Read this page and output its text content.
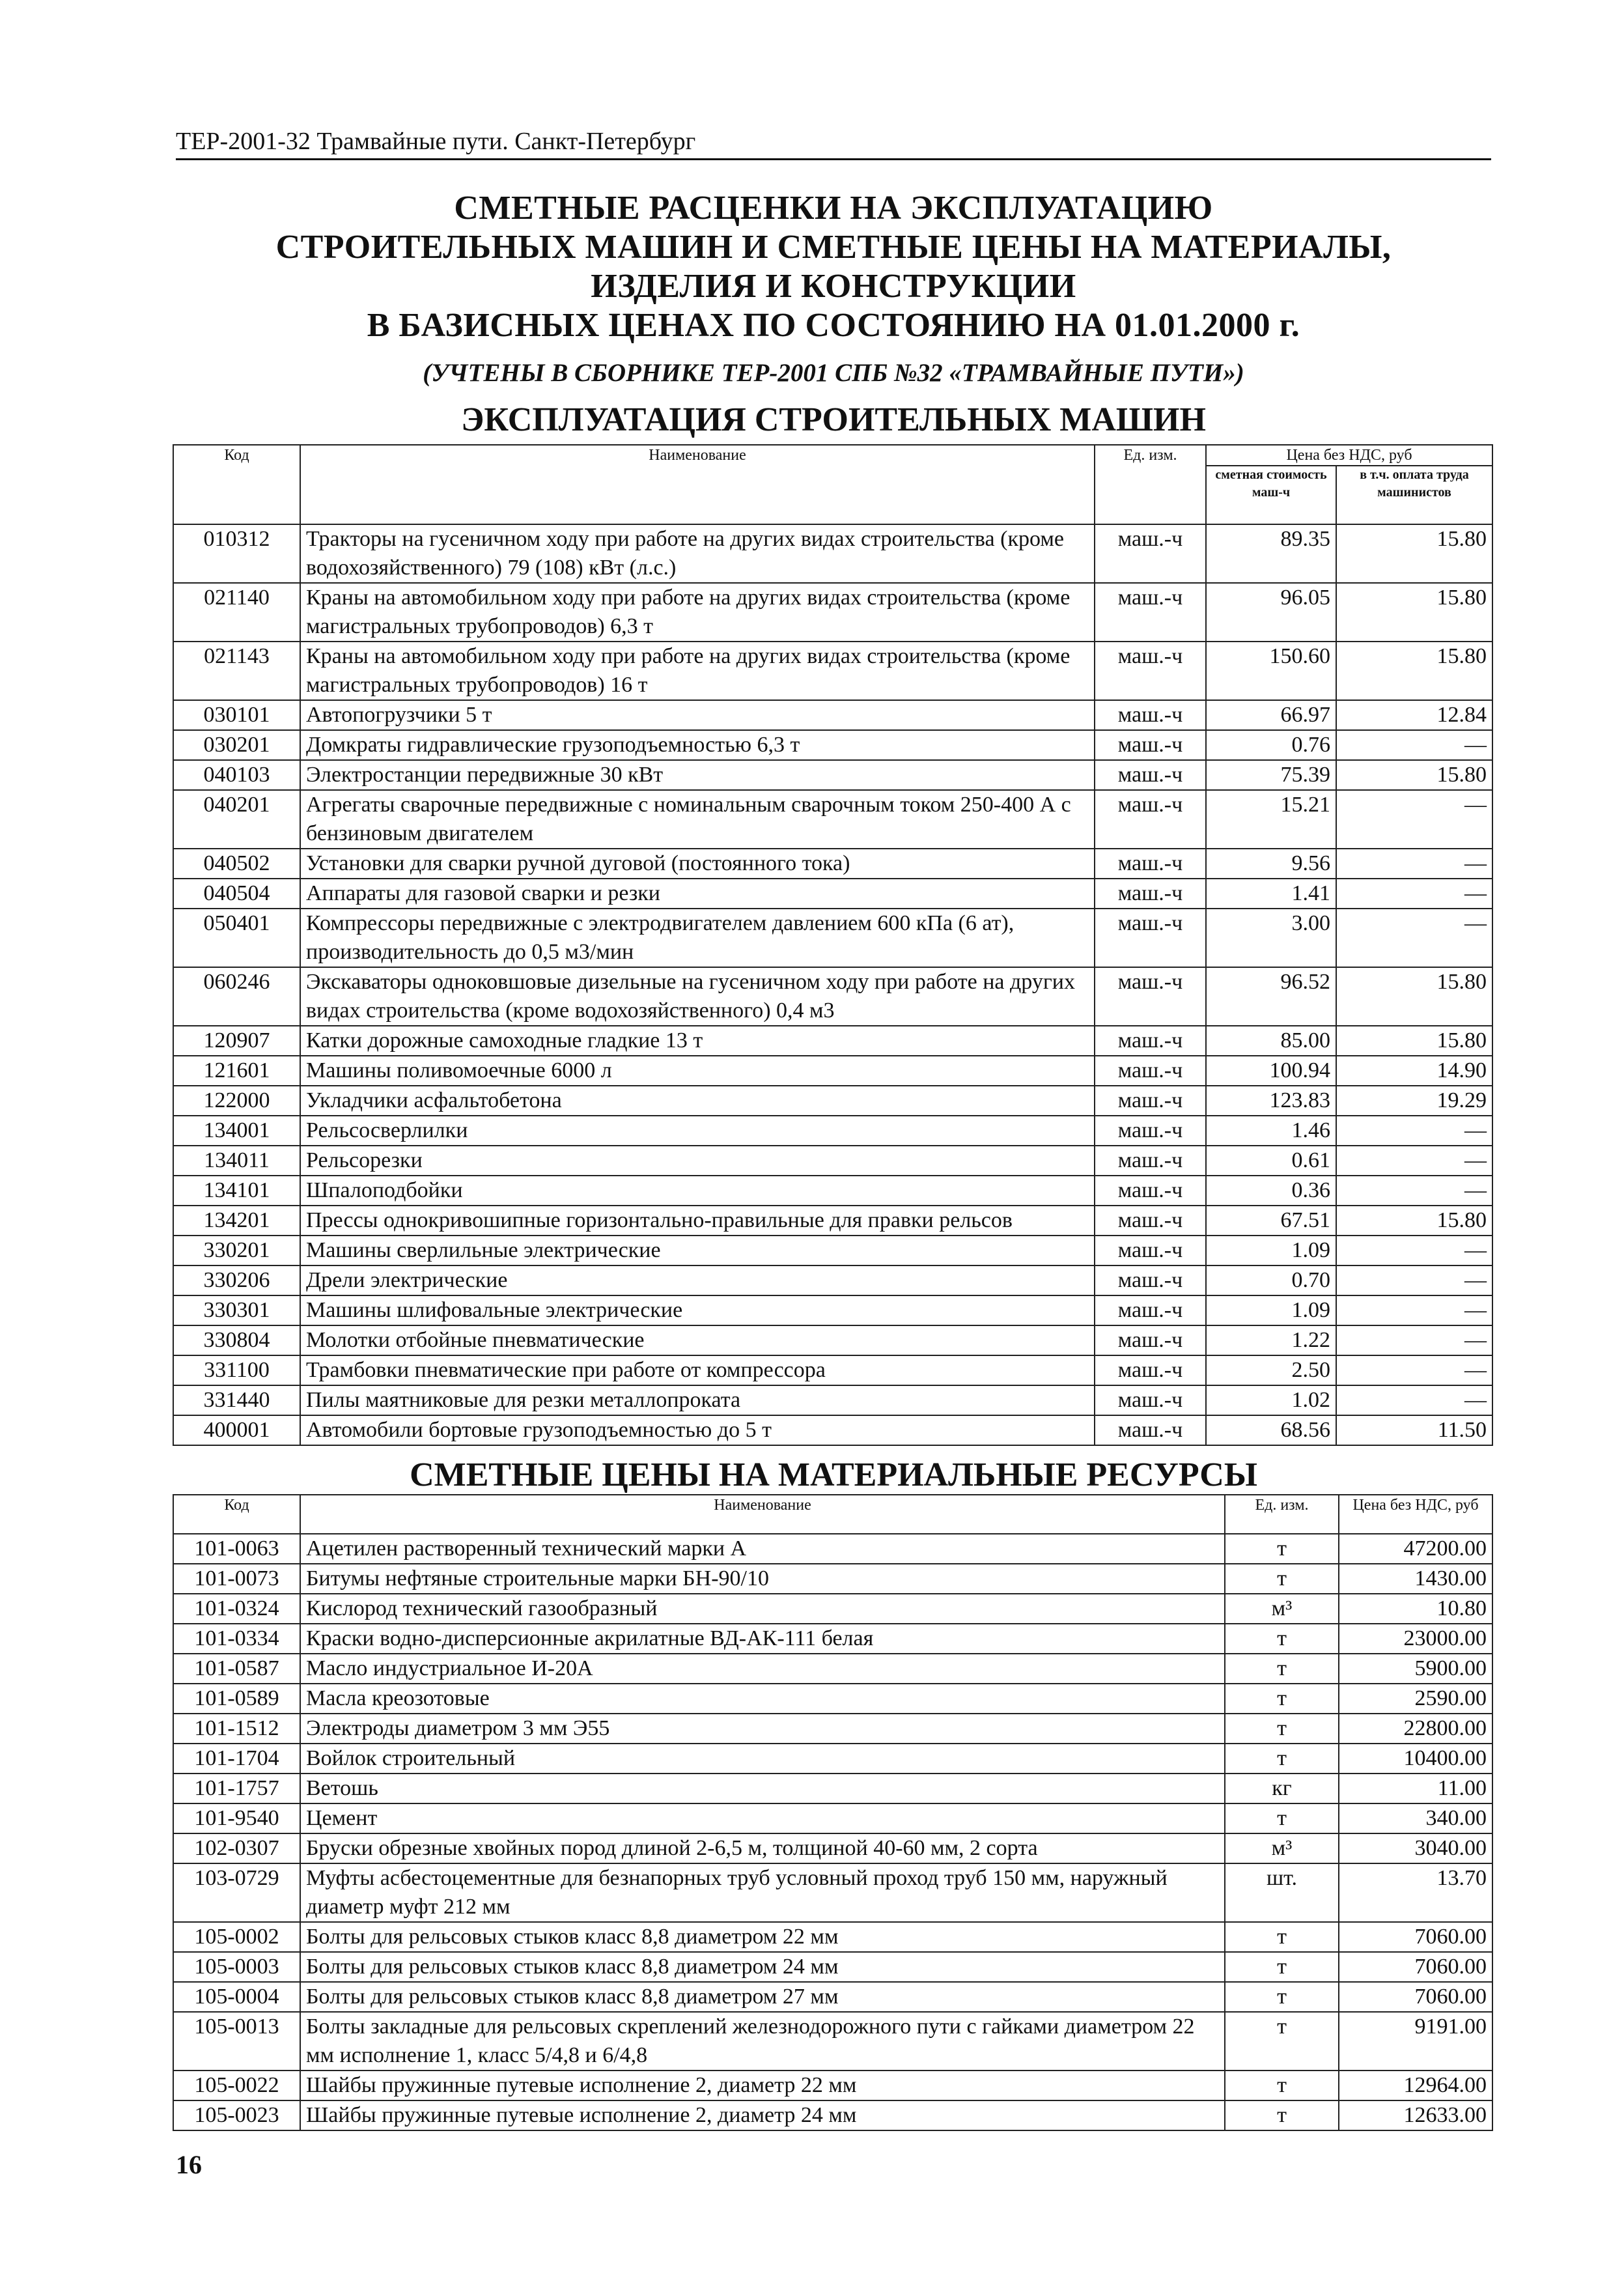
ТЕР-2001-32 Трамвайные пути. Санкт-Петербург
СМЕТНЫЕ РАСЦЕНКИ НА ЭКСПЛУАТАЦИЮ
СТРОИТЕЛЬНЫХ МАШИН И СМЕТНЫЕ ЦЕНЫ НА МАТЕРИАЛЫ,
ИЗДЕЛИЯ И КОНСТРУКЦИИ
В БАЗИСНЫХ ЦЕНАХ ПО СОСТОЯНИЮ НА 01.01.2000 г.
(УЧТЕНЫ В СБОРНИКЕ ТЕР-2001 СПБ №32 «ТРАМВАЙНЫЕ ПУТИ»)
ЭКСПЛУАТАЦИЯ СТРОИТЕЛЬНЫХ МАШИН
Код	Наименование	Ед. изм.	Цена без НДС, руб	
			сметная стоимость маш-ч	в т.ч. оплата труда машинистов
010312	Тракторы на гусеничном ходу при работе на других видах строительства (кроме водохозяйственного) 79 (108) кВт (л.с.)	маш.-ч	89.35	15.80
021140	Краны на автомобильном ходу при работе на других видах строительства (кроме магистральных трубопроводов) 6,3 т	маш.-ч	96.05	15.80
021143	Краны на автомобильном ходу при работе на других видах строительства (кроме магистральных трубопроводов) 16 т	маш.-ч	150.60	15.80
030101	Автопогрузчики 5 т	маш.-ч	66.97	12.84
030201	Домкраты гидравлические грузоподъемностью 6,3 т	маш.-ч	0.76	—
040103	Электростанции передвижные 30 кВт	маш.-ч	75.39	15.80
040201	Агрегаты сварочные передвижные с номинальным сварочным током 250-400 А с бензиновым двигателем	маш.-ч	15.21	—
040502	Установки для сварки ручной дуговой (постоянного тока)	маш.-ч	9.56	—
040504	Аппараты для газовой сварки и резки	маш.-ч	1.41	—
050401	Компрессоры передвижные с электродвигателем давлением 600 кПа (6 ат), производительность до 0,5 м3/мин	маш.-ч	3.00	—
060246	Экскаваторы одноковшовые дизельные на гусеничном ходу при работе на других видах строительства (кроме водохозяйственного) 0,4 м3	маш.-ч	96.52	15.80
120907	Катки дорожные самоходные гладкие 13 т	маш.-ч	85.00	15.80
121601	Машины поливомоечные 6000 л	маш.-ч	100.94	14.90
122000	Укладчики асфальтобетона	маш.-ч	123.83	19.29
134001	Рельсосверлилки	маш.-ч	1.46	—
134011	Рельсорезки	маш.-ч	0.61	—
134101	Шпалоподбойки	маш.-ч	0.36	—
134201	Прессы однокривошипные горизонтально-правильные для правки рельсов	маш.-ч	67.51	15.80
330201	Машины сверлильные электрические	маш.-ч	1.09	—
330206	Дрели электрические	маш.-ч	0.70	—
330301	Машины шлифовальные электрические	маш.-ч	1.09	—
330804	Молотки отбойные пневматические	маш.-ч	1.22	—
331100	Трамбовки пневматические при работе от компрессора	маш.-ч	2.50	—
331440	Пилы маятниковые для резки металлопроката	маш.-ч	1.02	—
400001	Автомобили бортовые грузоподъемностью до 5 т	маш.-ч	68.56	11.50
СМЕТНЫЕ ЦЕНЫ НА МАТЕРИАЛЬНЫЕ РЕСУРСЫ
Код	Наименование	Ед. изм.	Цена без НДС, руб
101-0063	Ацетилен растворенный технический марки А	т	47200.00
101-0073	Битумы нефтяные строительные марки БН-90/10	т	1430.00
101-0324	Кислород технический газообразный	м³	10.80
101-0334	Краски водно-дисперсионные акрилатные ВД-АК-111 белая	т	23000.00
101-0587	Масло индустриальное И-20А	т	5900.00
101-0589	Масла креозотовые	т	2590.00
101-1512	Электроды диаметром 3 мм Э55	т	22800.00
101-1704	Войлок строительный	т	10400.00
101-1757	Ветошь	кг	11.00
101-9540	Цемент	т	340.00
102-0307	Бруски обрезные хвойных пород длиной 2-6,5 м, толщиной 40-60 мм, 2 сорта	м³	3040.00
103-0729	Муфты асбестоцементные для безнапорных труб условный проход труб 150 мм, наружный диаметр муфт 212 мм	шт.	13.70
105-0002	Болты для рельсовых стыков класс 8,8 диаметром 22 мм	т	7060.00
105-0003	Болты для рельсовых стыков класс 8,8 диаметром 24 мм	т	7060.00
105-0004	Болты для рельсовых стыков класс 8,8 диаметром 27 мм	т	7060.00
105-0013	Болты закладные для рельсовых скреплений железнодорожного пути с гайками диаметром 22 мм исполнение 1, класс 5/4,8 и 6/4,8	т	9191.00
105-0022	Шайбы пружинные путевые исполнение 2, диаметр 22 мм	т	12964.00
105-0023	Шайбы пружинные путевые исполнение 2, диаметр 24 мм	т	12633.00
16
